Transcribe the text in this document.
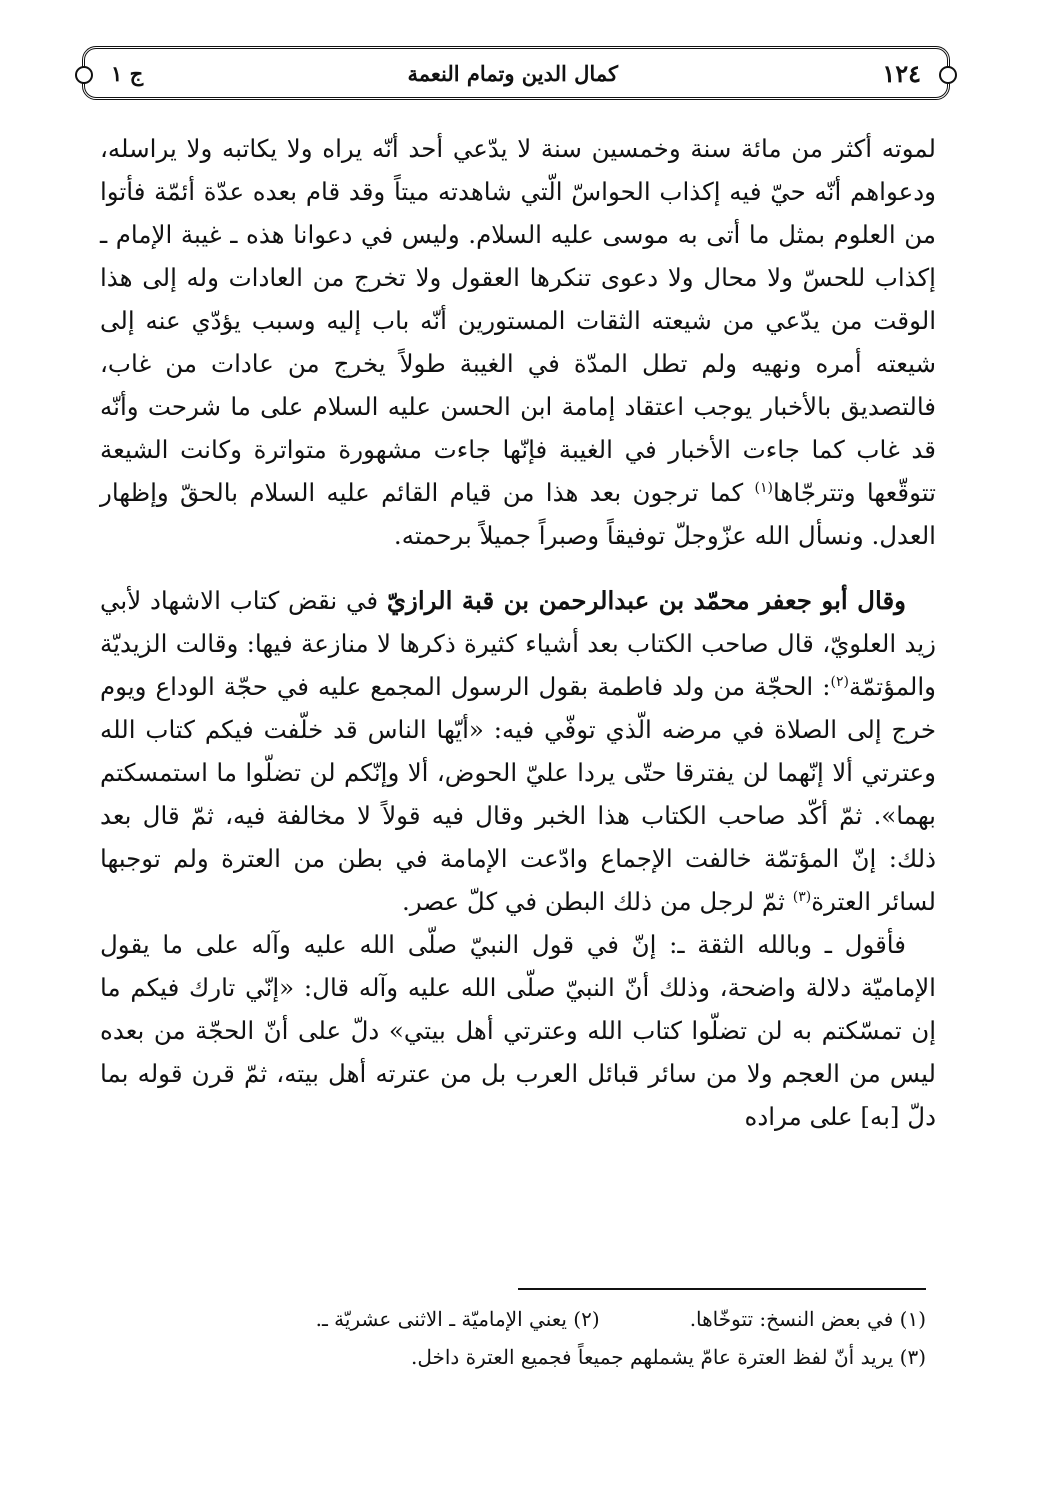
١٢٤
كمال الدين وتمام النعمة
ج ١

لموته أكثر من مائة سنة وخمسين سنة لا يدّعي أحد أنّه يراه ولا يكاتبه ولا يراسله، ودعواهم أنّه حيّ فيه إكذاب الحواسّ الّتي شاهدته ميتاً وقد قام بعده عدّة أئمّة فأتوا من العلوم بمثل ما أتى به موسى عليه السلام. وليس في دعوانا هذه ـ غيبة الإمام ـ إكذاب للحسّ ولا محال ولا دعوى تنكرها العقول ولا تخرج من العادات وله إلى هذا الوقت من يدّعي من شيعته الثقات المستورين أنّه باب إليه وسبب يؤدّي عنه إلى شيعته أمره ونهيه ولم تطل المدّة في الغيبة طولاً يخرج من عادات من غاب، فالتصديق بالأخبار يوجب اعتقاد إمامة ابن الحسن عليه السلام على ما شرحت وأنّه قد غاب كما جاءت الأخبار في الغيبة فإنّها جاءت مشهورة متواترة وكانت الشيعة تتوقّعها وتترجّاها$^{(١)}$ كما ترجون بعد هذا من قيام القائم عليه السلام بالحقّ وإظهار العدل. ونسأل الله عزّوجلّ توفيقاً وصبراً جميلاً برحمته.

وقال أبو جعفر محمّد بن عبدالرحمن بن قبة الرازيّ في نقض كتاب الاشهاد لأبي زيد العلويّ، قال صاحب الكتاب بعد أشياء كثيرة ذكرها لا منازعة فيها: وقالت الزيديّة والمؤتمّة$^{(٢)}$: الحجّة من ولد فاطمة بقول الرسول المجمع عليه في حجّة الوداع ويوم خرج إلى الصلاة في مرضه الّذي توفّي فيه: «أيّها الناس قد خلّفت فيكم كتاب الله وعترتي ألا إنّهما لن يفترقا حتّى يردا عليّ الحوض، ألا وإنّكم لن تضلّوا ما استمسكتم بهما». ثمّ أكّد صاحب الكتاب هذا الخبر وقال فيه قولاً لا مخالفة فيه، ثمّ قال بعد ذلك: إنّ المؤتمّة خالفت الإجماع وادّعت الإمامة في بطن من العترة ولم توجبها لسائر العترة$^{(٣)}$ ثمّ لرجل من ذلك البطن في كلّ عصر.

فأقول ـ وبالله الثقة ـ: إنّ في قول النبيّ صلّى الله عليه وآله على ما يقول الإماميّة دلالة واضحة، وذلك أنّ النبيّ صلّى الله عليه وآله قال: «إنّي تارك فيكم ما إن تمسّكتم به لن تضلّوا كتاب الله وعترتي أهل بيتي» دلّ على أنّ الحجّة من بعده ليس من العجم ولا من سائر قبائل العرب بل من عترته أهل بيته، ثمّ قرن قوله بما دلّ [به] على مراده

(١) في بعض النسخ: تتوخّاها.
(٢) يعني الإماميّة ـ الاثنى عشريّة ـ.
(٣) يريد أنّ لفظ العترة عامّ يشملهم جميعاً فجميع العترة داخل.
